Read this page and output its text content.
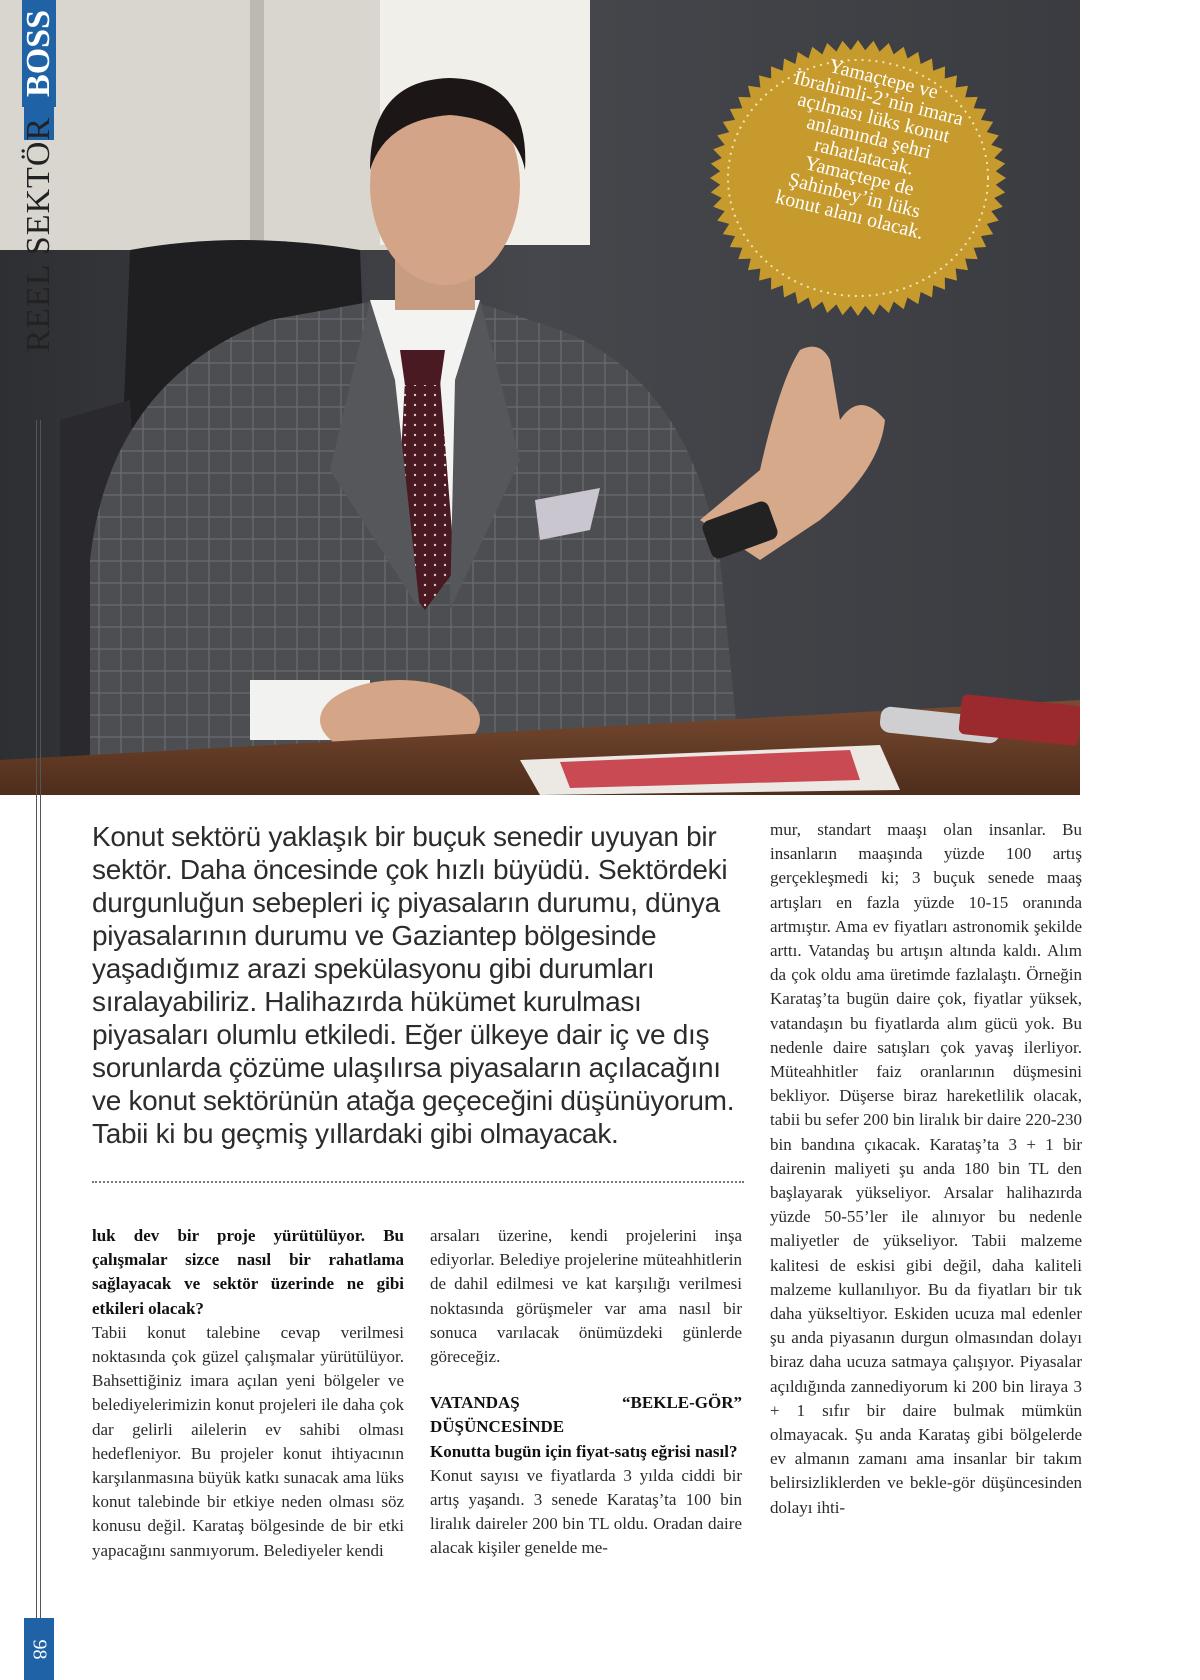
Yamaçtepe ve İbrahimli-2’nin imara açılması lüks konut anlamında şehri rahatlatacak. Yamaçtepe de Şahinbey’in lüks konut alanı olacak.
REEL SEKTÖR
BOSS
98
Konut sektörü yaklaşık bir buçuk senedir uyuyan bir sektör. Daha öncesinde çok hızlı büyüdü. Sektördeki durgunluğun sebepleri iç piyasaların durumu, dünya piyasalarının durumu ve Gaziantep bölgesinde yaşadığımız arazi spekülasyonu gibi durumları sıralayabiliriz. Halihazırda hükümet kurulması piyasaları olumlu etkiledi. Eğer ülkeye dair iç ve dış sorunlarda çözüme ulaşılırsa piyasaların açılacağını ve konut sektörünün atağa geçeceğini düşünüyorum. Tabii ki bu geçmiş yıllardaki gibi olmayacak.

luk dev bir proje yürütülüyor. Bu çalışmalar sizce nasıl bir rahatlama sağlayacak ve sektör üzerinde ne gibi etkileri olacak?

Tabii konut talebine cevap verilmesi noktasında çok güzel çalışmalar yürütülüyor. Bahsettiğiniz imara açılan yeni bölgeler ve belediyelerimizin konut projeleri ile daha çok dar gelirli ailelerin ev sahibi olması hedefleniyor. Bu projeler konut ihtiyacının karşılanmasına büyük katkı sunacak ama lüks konut talebinde bir etkiye neden olması söz konusu değil. Karataş bölgesinde de bir etki yapacağını sanmıyorum. Belediyeler kendi

arsaları üzerine, kendi projelerini inşa ediyorlar. Belediye projelerine müteahhitlerin de dahil edilmesi ve kat karşılığı verilmesi noktasında görüşmeler var ama nasıl bir sonuca varılacak önümüzdeki günlerde göreceğiz.

VATANDAŞ “BEKLE-GÖR” DÜŞÜNCESİNDE

Konutta bugün için fiyat-satış eğrisi nasıl?

Konut sayısı ve fiyatlarda 3 yılda ciddi bir artış yaşandı. 3 senede Karataş’ta 100 bin liralık daireler 200 bin TL oldu. Oradan daire alacak kişiler genelde me-

mur, standart maaşı olan insanlar. Bu insanların maaşında yüzde 100 artış gerçekleşmedi ki; 3 buçuk senede maaş artışları en fazla yüzde 10-15 oranında artmıştır. Ama ev fiyatları astronomik şekilde arttı. Vatandaş bu artışın altında kaldı. Alım da çok oldu ama üretimde fazlalaştı. Örneğin Karataş’ta bugün daire çok, fiyatlar yüksek, vatandaşın bu fiyatlarda alım gücü yok. Bu nedenle daire satışları çok yavaş ilerliyor. Müteahhitler faiz oranlarının düşmesini bekliyor. Düşerse biraz hareketlilik olacak, tabii bu sefer 200 bin liralık bir daire 220-230 bin bandına çıkacak. Karataş’ta 3 + 1 bir dairenin maliyeti şu anda 180 bin TL den başlayarak yükseliyor. Arsalar halihazırda yüzde 50-55’ler ile alınıyor bu nedenle maliyetler de yükseliyor. Tabii malzeme kalitesi de eskisi gibi değil, daha kaliteli malzeme kullanılıyor. Bu da fiyatları bir tık daha yükseltiyor. Eskiden ucuza mal edenler şu anda piyasanın durgun olmasından dolayı biraz daha ucuza satmaya çalışıyor. Piyasalar açıldığında zannediyorum ki 200 bin liraya 3 + 1 sıfır bir daire bulmak mümkün olmayacak. Şu anda Karataş gibi bölgelerde ev almanın zamanı ama insanlar bir takım belirsizliklerden ve bekle-gör düşüncesinden dolayı ihti-
